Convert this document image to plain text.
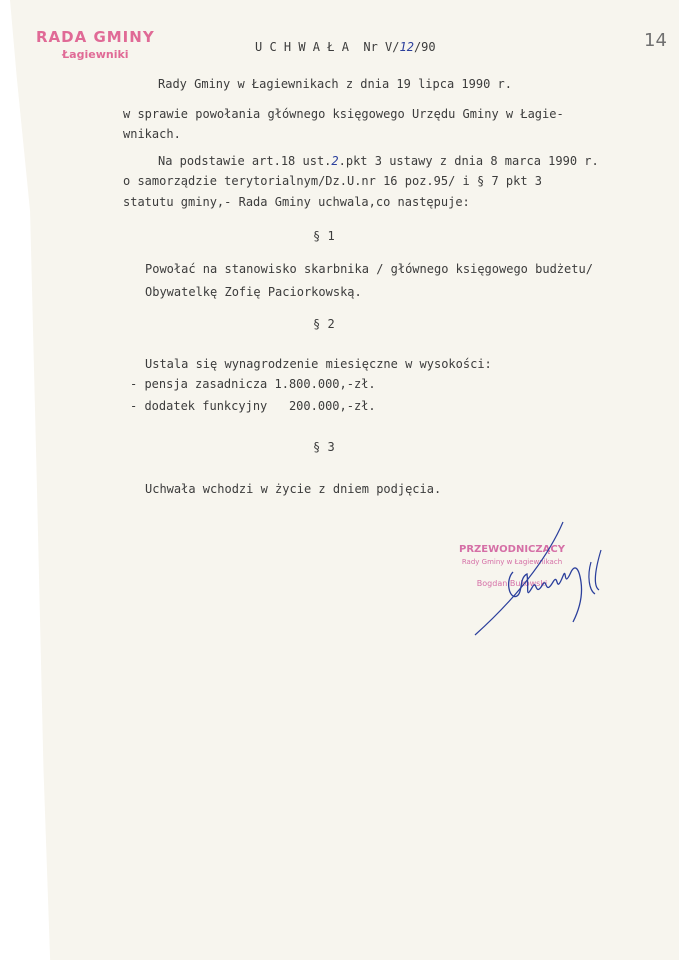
RADA GMINY
Łagiewniki
14
U C H W A Ł A  Nr V/12/90
Rady Gminy w Łagiewnikach z dnia 19 lipca 1990 r.
w sprawie powołania głównego księgowego Urzędu Gminy w Łagie-
wnikach.
Na podstawie art.18 ust.2.pkt 3 ustawy z dnia 8 marca 1990 r.
o samorządzie terytorialnym/Dz.U.nr 16 poz.95/ i § 7 pkt 3
statutu gminy,- Rada Gminy uchwala,co następuje:
§ 1
Powołać na stanowisko skarbnika / głównego księgowego budżetu/
Obywatelkę Zofię Paciorkowską.
§ 2
Ustala się wynagrodzenie miesięczne w wysokości:
- pensja zasadnicza 1.800.000,-zł.
- dodatek funkcyjny   200.000,-zł.
§ 3
Uchwała wchodzi w życie z dniem podjęcia.
PRZEWODNICZĄCY
Rady Gminy w Łagiewnikach
Bogdan Bukowski
